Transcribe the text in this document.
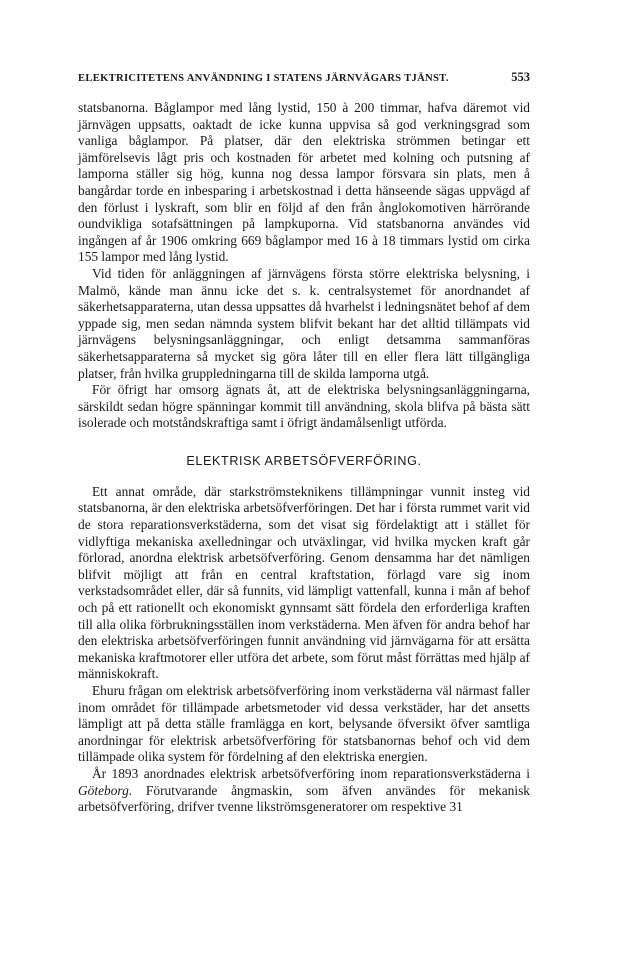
ELEKTRICITETENS ANVÄNDNING I STATENS JÄRNVÄGARS TJÄNST.	553

statsbanorna. Båglampor med lång lystid, 150 à 200 timmar, hafva däremot vid järnvägen uppsatts, oaktadt de icke kunna uppvisa så god verkningsgrad som vanliga båglampor. På platser, där den elektriska strömmen betingar ett jämförelsevis lågt pris och kostnaden för arbetet med kolning och putsning af lamporna ställer sig hög, kunna nog dessa lampor försvara sin plats, men å bangårdar torde en inbesparing i arbetskostnad i detta hänseende sägas uppvägd af den förlust i lyskraft, som blir en följd af den från ånglokomotiven härrörande oundvikliga sotafsättningen på lampkuporna. Vid statsbanorna användes vid ingången af år 1906 omkring 669 båglampor med 16 à 18 timmars lystid om cirka 155 lampor med lång lystid.

Vid tiden för anläggningen af järnvägens första större elektriska belysning, i Malmö, kände man ännu icke det s. k. centralsystemet för anordnandet af säkerhetsapparaterna, utan dessa uppsattes då hvarhelst i ledningsnätet behof af dem yppade sig, men sedan nämnda system blifvit bekant har det alltid tillämpats vid järnvägens belysningsanläggningar, och enligt detsamma sammanföras säkerhetsapparaterna så mycket sig göra låter till en eller flera lätt tillgängliga platser, från hvilka gruppledningarna till de skilda lamporna utgå.

För öfrigt har omsorg ägnats åt, att de elektriska belysningsanläggningarna, särskildt sedan högre spänningar kommit till användning, skola blifva på bästa sätt isolerade och motståndskraftiga samt i öfrigt ändamålsenligt utförda.

ELEKTRISK ARBETSÖFVERFÖRING.

Ett annat område, där starkströmsteknikens tillämpningar vunnit insteg vid statsbanorna, är den elektriska arbetsöfverföringen. Det har i första rummet varit vid de stora reparationsverkstäderna, som det visat sig fördelaktigt att i stället för vidlyftiga mekaniska axelledningar och utväxlingar, vid hvilka mycken kraft går förlorad, anordna elektrisk arbetsöfverföring. Genom densamma har det nämligen blifvit möjligt att från en central kraftstation, förlagd vare sig inom verkstadsområdet eller, där så funnits, vid lämpligt vattenfall, kunna i mån af behof och på ett rationellt och ekonomiskt gynnsamt sätt fördela den erforderliga kraften till alla olika förbrukningsställen inom verkstäderna. Men äfven för andra behof har den elektriska arbetsöfverföringen funnit användning vid järnvägarna för att ersätta mekaniska kraftmotorer eller utföra det arbete, som förut måst förrättas med hjälp af människokraft.

Ehuru frågan om elektrisk arbetsöfverföring inom verkstäderna väl närmast faller inom området för tillämpade arbetsmetoder vid dessa verkstäder, har det ansetts lämpligt att på detta ställe framlägga en kort, belysande öfversikt öfver samtliga anordningar för elektrisk arbetsöfverföring för statsbanornas behof och vid dem tillämpade olika system för fördelning af den elektriska energien.

År 1893 anordnades elektrisk arbetsöfverföring inom reparationsverkstäderna i Göteborg. Förutvarande ångmaskin, som äfven användes för mekanisk arbetsöfverföring, drifver tvenne likströmsgeneratorer om respektive 31
